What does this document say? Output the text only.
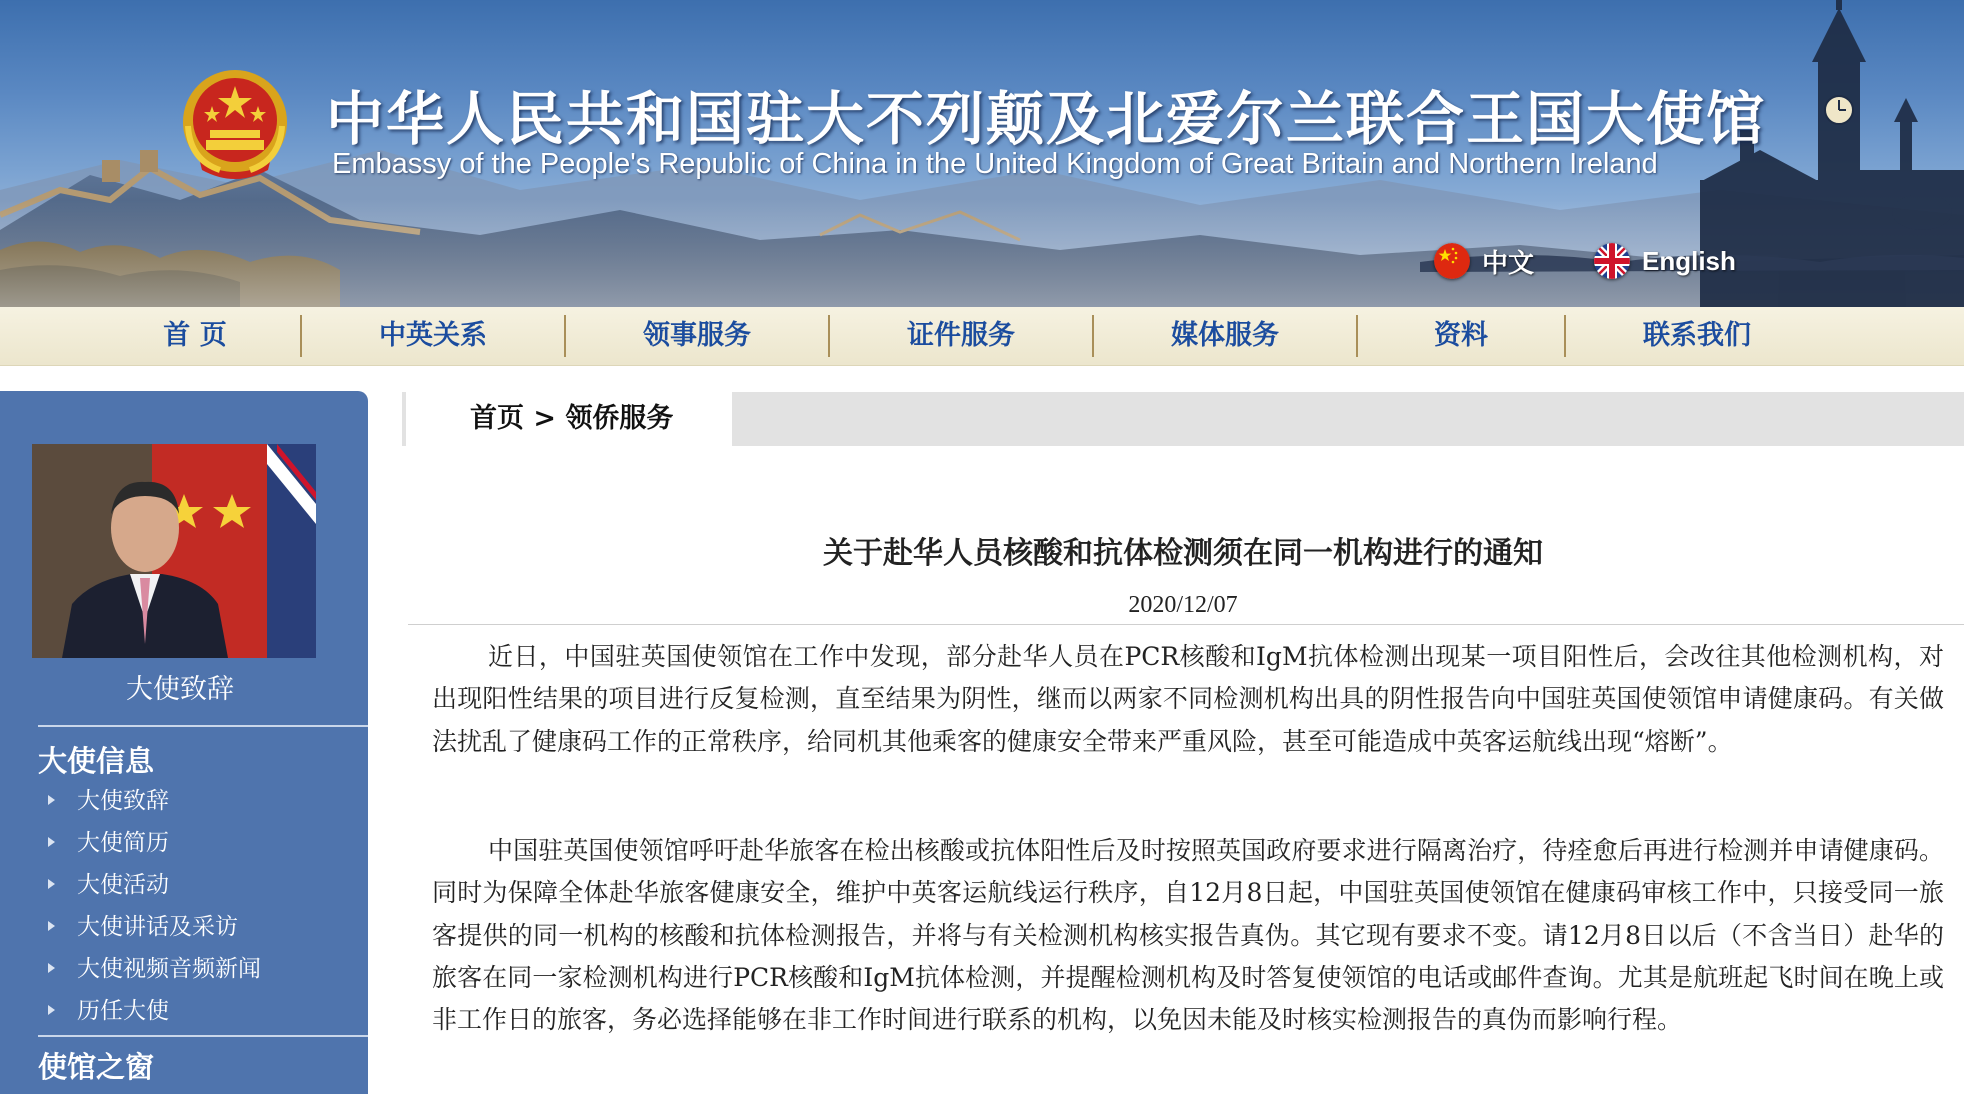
中华人民共和国驻大不列颠及北爱尔兰联合王国大使馆
Embassy of the People's Republic of China in the United Kingdom of Great Britain and Northern Ireland
中文	English
首 页	中英关系	领事服务	证件服务	媒体服务	资料	联系我们
大使致辞
大使信息
大使致辞
大使简历
大使活动
大使讲话及采访
大使视频音频新闻
历任大使
使馆之窗
首页 > 领侨服务
关于赴华人员核酸和抗体检测须在同一机构进行的通知
2020/12/07

近日，中国驻英国使领馆在工作中发现，部分赴华人员在PCR核酸和IgM抗体检测出现某一项目阳性后，会改往其他检测机构，对出现阳性结果的项目进行反复检测，直至结果为阴性，继而以两家不同检测机构出具的阴性报告向中国驻英国使领馆申请健康码。有关做法扰乱了健康码工作的正常秩序，给同机其他乘客的健康安全带来严重风险，甚至可能造成中英客运航线出现“熔断”。

中国驻英国使领馆呼吁赴华旅客在检出核酸或抗体阳性后及时按照英国政府要求进行隔离治疗，待痊愈后再进行检测并申请健康码。同时为保障全体赴华旅客健康安全，维护中英客运航线运行秩序，自12月8日起，中国驻英国使领馆在健康码审核工作中，只接受同一旅客提供的同一机构的核酸和抗体检测报告，并将与有关检测机构核实报告真伪。其它现有要求不变。请12月8日以后（不含当日）赴华的旅客在同一家检测机构进行PCR核酸和IgM抗体检测，并提醒检测机构及时答复使领馆的电话或邮件查询。尤其是航班起飞时间在晚上或非工作日的旅客，务必选择能够在非工作时间进行联系的机构，以免因未能及时核实检测报告的真伪而影响行程。
